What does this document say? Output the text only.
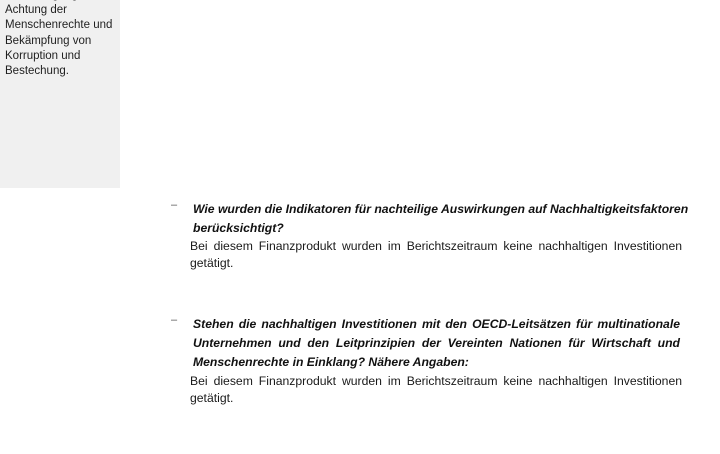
Achtung der
Menschenrechte und
Bekämpfung von
Korruption und
Bestechung.
– Wie wurden die Indikatoren für nachteilige Auswirkungen auf Nachhaltigkeitsfaktoren
berücksichtigt?
Bei diesem Finanzprodukt wurden im Berichtszeitraum keine nachhaltigen Investitionen
getätigt.
– Stehen die nachhaltigen Investitionen mit den OECD-Leitsätzen für multinationale
Unternehmen und den Leitprinzipien der Vereinten Nationen für Wirtschaft und
Menschenrechte in Einklang? Nähere Angaben:
Bei diesem Finanzprodukt wurden im Berichtszeitraum keine nachhaltigen Investitionen
getätigt.
